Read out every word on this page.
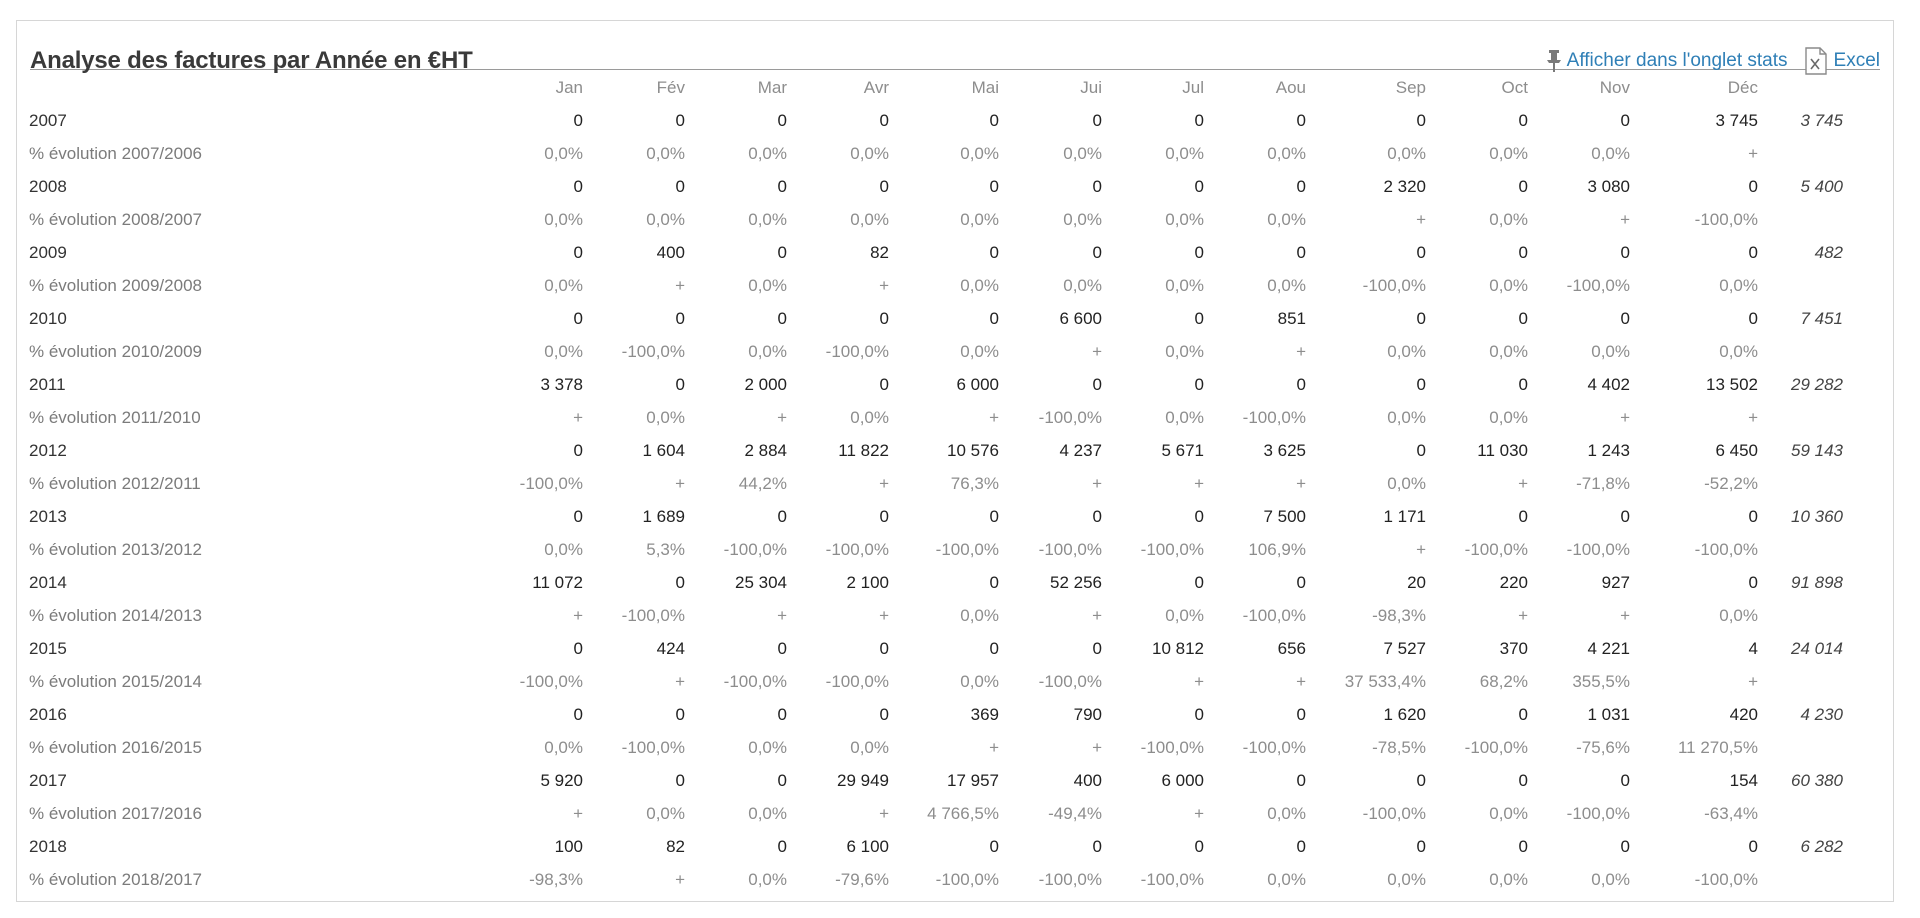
Analyse des factures par Année en €HT	Afficher dans l'onglet stats Excel
	Jan	Fév	Mar	Avr	Mai	Jui	Jul	Aou	Sep	Oct	Nov	Déc	
2007	0	0	0	0	0	0	0	0	0	0	0	3 745	3 745
% évolution 2007/2006	0,0%	0,0%	0,0%	0,0%	0,0%	0,0%	0,0%	0,0%	0,0%	0,0%	0,0%	+	
2008	0	0	0	0	0	0	0	0	2 320	0	3 080	0	5 400
% évolution 2008/2007	0,0%	0,0%	0,0%	0,0%	0,0%	0,0%	0,0%	0,0%	+	0,0%	+	-100,0%	
2009	0	400	0	82	0	0	0	0	0	0	0	0	482
% évolution 2009/2008	0,0%	+	0,0%	+	0,0%	0,0%	0,0%	0,0%	-100,0%	0,0%	-100,0%	0,0%	
2010	0	0	0	0	0	6 600	0	851	0	0	0	0	7 451
% évolution 2010/2009	0,0%	-100,0%	0,0%	-100,0%	0,0%	+	0,0%	+	0,0%	0,0%	0,0%	0,0%	
2011	3 378	0	2 000	0	6 000	0	0	0	0	0	4 402	13 502	29 282
% évolution 2011/2010	+	0,0%	+	0,0%	+	-100,0%	0,0%	-100,0%	0,0%	0,0%	+	+	
2012	0	1 604	2 884	11 822	10 576	4 237	5 671	3 625	0	11 030	1 243	6 450	59 143
% évolution 2012/2011	-100,0%	+	44,2%	+	76,3%	+	+	+	0,0%	+	-71,8%	-52,2%	
2013	0	1 689	0	0	0	0	0	7 500	1 171	0	0	0	10 360
% évolution 2013/2012	0,0%	5,3%	-100,0%	-100,0%	-100,0%	-100,0%	-100,0%	106,9%	+	-100,0%	-100,0%	-100,0%	
2014	11 072	0	25 304	2 100	0	52 256	0	0	20	220	927	0	91 898
% évolution 2014/2013	+	-100,0%	+	+	0,0%	+	0,0%	-100,0%	-98,3%	+	+	0,0%	
2015	0	424	0	0	0	0	10 812	656	7 527	370	4 221	4	24 014
% évolution 2015/2014	-100,0%	+	-100,0%	-100,0%	0,0%	-100,0%	+	+	37 533,4%	68,2%	355,5%	+	
2016	0	0	0	0	369	790	0	0	1 620	0	1 031	420	4 230
% évolution 2016/2015	0,0%	-100,0%	0,0%	0,0%	+	+	-100,0%	-100,0%	-78,5%	-100,0%	-75,6%	11 270,5%	
2017	5 920	0	0	29 949	17 957	400	6 000	0	0	0	0	154	60 380
% évolution 2017/2016	+	0,0%	0,0%	+	4 766,5%	-49,4%	+	0,0%	-100,0%	0,0%	-100,0%	-63,4%	
2018	100	82	0	6 100	0	0	0	0	0	0	0	0	6 282
% évolution 2018/2017	-98,3%	+	0,0%	-79,6%	-100,0%	-100,0%	-100,0%	0,0%	0,0%	0,0%	0,0%	-100,0%	
